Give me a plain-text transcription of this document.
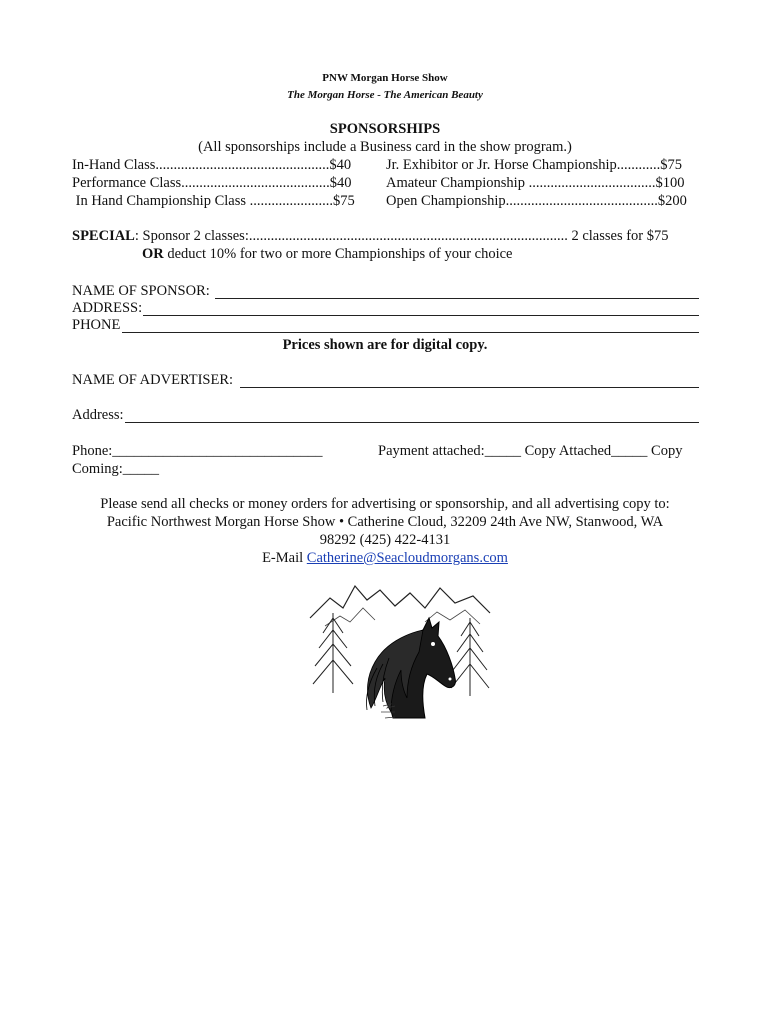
PNW Morgan Horse Show
The Morgan Horse - The American Beauty
SPONSORSHIPS
(All sponsorships include a Business card in the show program.)
In-Hand Class................................................$40
Performance Class.........................................$40
In Hand Championship Class .......................$75
Jr. Exhibitor or Jr. Horse Championship............$75
Amateur Championship ...................................$100
Open Championship..........................................$200
SPECIAL: Sponsor 2 classes:........................................................................................ 2 classes for $75
OR deduct 10% for two or more Championships of your choice
NAME OF SPONSOR:
ADDRESS:
PHONE
Prices shown are for digital copy.
NAME OF ADVERTISER:
Address:
Phone:_____________________________	Payment attached:_____ Copy Attached_____ Copy
Coming:_____
Please send all checks or money orders for advertising or sponsorship, and all advertising copy to:
Pacific Northwest Morgan Horse Show • Catherine Cloud, 32209 24th Ave NW, Stanwood, WA
98292 (425) 422-4131
E-Mail Catherine@Seacloudmorgans.com
